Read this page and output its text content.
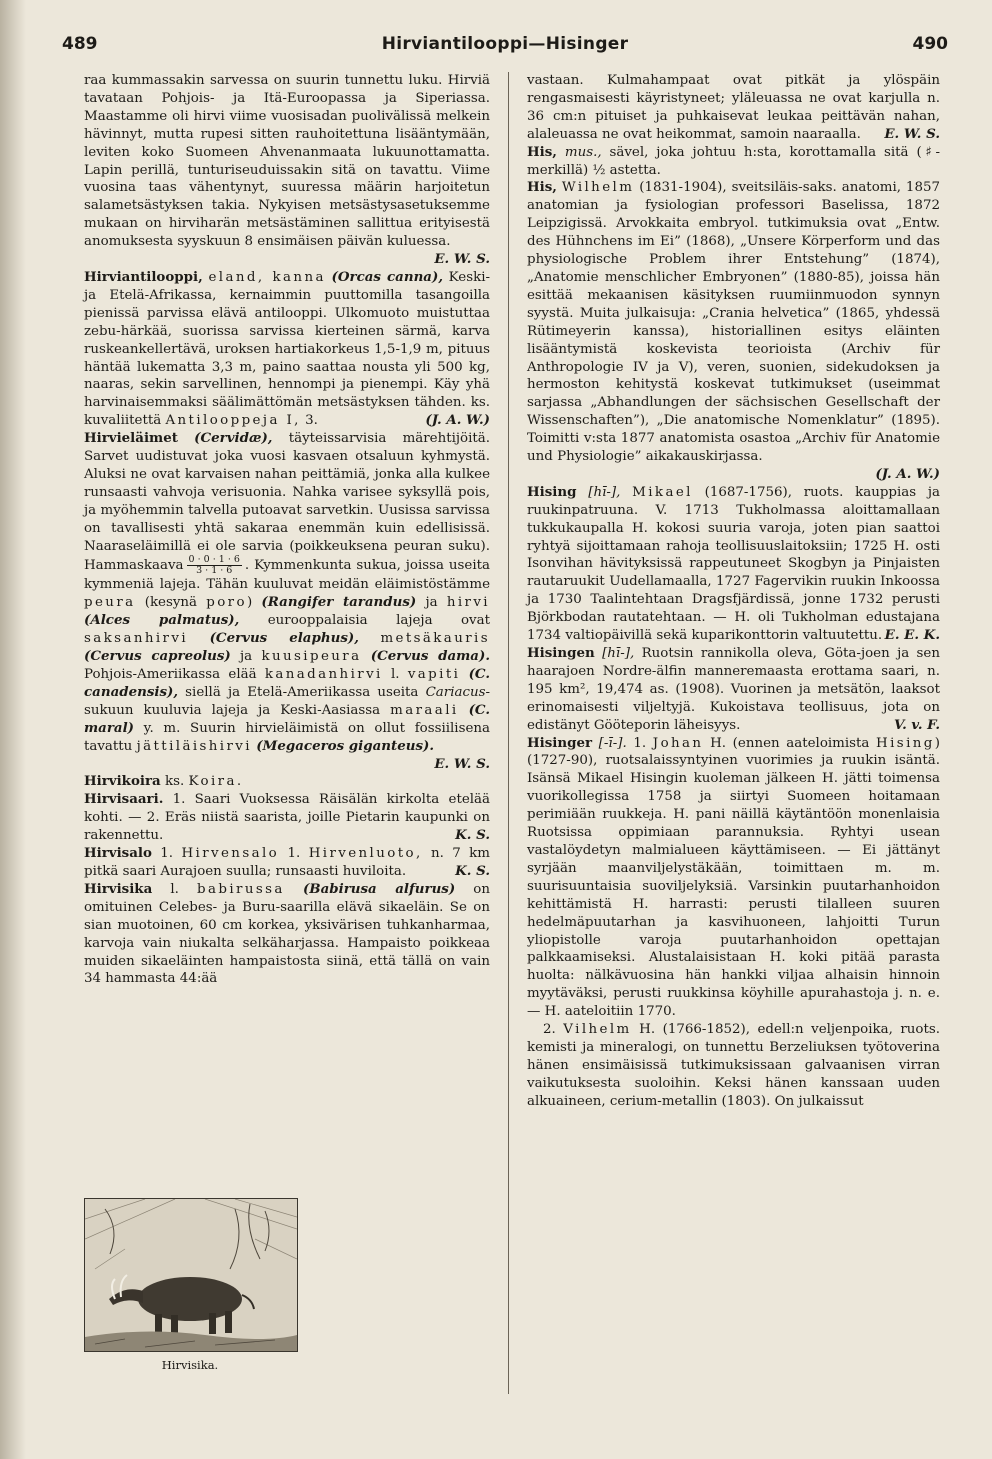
489	Hirviantilooppi—Hisinger	490

raa kummassakin sarvessa on suurin tunnettu luku. Hirviä tavataan Pohjois- ja Itä-Euroopassa ja Siperiassa. Maastamme oli hirvi viime vuosisadan puolivälissä melkein hävinnyt, mutta rupesi sitten rauhoitettuna lisääntymään, leviten koko Suomeen Ahvenanmaata lukuunottamatta. Lapin perillä, tunturiseuduissakin sitä on tavattu. Viime vuosina taas vähentynyt, suuressa määrin harjoitetun salametsästyksen takia. Nykyisen metsästysasetuksemme mukaan on hirviharän metsästäminen sallittua erityisestä anomuksesta syyskuun 8 ensimäisen päivän kuluessa.
E. W. S.

Hirviantilooppi, eland, kanna (Orcas canna), Keski- ja Etelä-Afrikassa, kernaimmin puuttomilla tasangoilla pienissä parvissa elävä antilooppi. Ulkomuoto muistuttaa zebu-härkää, suorissa sarvissa kierteinen särmä, karva ruskeankellertävä, uroksen hartiakorkeus 1,5-1,9 m, pituus häntää lukematta 3,3 m, paino saattaa nousta yli 500 kg, naaras, sekin sarvellinen, hennompi ja pienempi. Käy yhä harvinaisemmaksi säälimättömän metsästyksen tähden. ks. kuvaliitettä Antilooppeja I, 3.	(J. A. W.)

Hirvieläimet (Cervidæ), täyteissarvisia märehtijöitä. Sarvet uudistuvat joka vuosi kasvaen otsaluun kyhmystä. Aluksi ne ovat karvaisen nahan peittämiä, jonka alla kulkee runsaasti vahvoja verisuonia. Nahka varisee syksyllä pois, ja myöhemmin talvella putoavat sarvetkin. Uusissa sarvissa on tavallisesti yhtä sakaraa enemmän kuin edellisissä. Naaraseläimillä ei ole sarvia (poikkeuksena peuran suku). Hammaskaava $\frac{0 \cdot 0 \cdot 1 \cdot 6}{3 \cdot 1 \cdot 6}$ . Kymmenkunta sukua, joissa useita kymmeniä lajeja. Tähän kuuluvat meidän eläimistöstämme peura (kesynä poro) (Rangifer tarandus) ja hirvi (Alces palmatus), eurooppalaisia lajeja ovat saksanhirvi (Cervus elaphus), metsäkauris (Cervus capreolus) ja kuusipeura (Cervus dama). Pohjois-Ameriikassa elää kanadanhirvi l. vapiti (C. canadensis), siellä ja Etelä-Ameriikassa useita Cariacus-sukuun kuuluvia lajeja ja Keski-Aasiassa maraali (C. maral) y. m. Suurin hirvieläimistä on ollut fossiilisena tavattu jättiläishirvi (Megaceros giganteus).
E. W. S.

Hirvikoira ks. Koira.

Hirvisaari. 1. Saari Vuoksessa Räisälän kirkolta etelää kohti. — 2. Eräs niistä saarista, joille Pietarin kaupunki on rakennettu.	K. S.

Hirvisalo 1. Hirvensalo 1. Hirvenluoto, n. 7 km pitkä saari Aurajoen suulla; runsaasti huviloita.	K. S.

Hirvisika l. babirussa (Babirusa alfurus) on omituinen Celebes- ja Buru-saarilla elävä sikaeläin. Se on sian muotoinen, 60 cm korkea, yksivärisen tuhkanharmaa, karvoja vain niukalta selkäharjassa. Hampaisto poikkeaa muiden sikaeläinten hampaistosta siinä, että tällä on vain 34 hammasta 44:ää

Hirvisika.

vastaan. Kulmahampaat ovat pitkät ja ylöspäin rengasmaisesti käyristyneet; yläleuassa ne ovat karjulla n. 36 cm:n pituiset ja puhkaisevat leukaa peittävän nahan, alaleuassa ne ovat heikommat, samoin naaraalla. E. W. S.

His, mus., sävel, joka johtuu h:sta, korottamalla sitä (♯-merkillä) ½ astetta.

His, Wilhelm (1831-1904), sveitsiläis-saks. anatomi, 1857 anatomian ja fysiologian professori Baselissa, 1872 Leipzigissä. Arvokkaita embryol. tutkimuksia ovat „Entw. des Hühnchens im Ei” (1868), „Unsere Körperform und das physiologische Problem ihrer Entstehung” (1874), „Anatomie menschlicher Embryonen” (1880-85), joissa hän esittää mekaanisen käsityksen ruumiinmuodon synnyn syystä. Muita julkaisuja: „Crania helvetica” (1865, yhdessä Rütimeyerin kanssa), historiallinen esitys eläinten lisääntymistä koskevista teorioista (Archiv für Anthropologie IV ja V), veren, suonien, sidekudoksen ja hermoston kehitystä koskevat tutkimukset (useimmat sarjassa „Abhandlungen der sächsischen Gesellschaft der Wissenschaften”), „Die anatomische Nomenklatur” (1895). Toimitti v:sta 1877 anatomista osastoa „Archiv für Anatomie und Physiologie” aikakauskirjassa.
(J. A. W.)

Hising [hī-], Mikael (1687-1756), ruots. kauppias ja ruukinpatruuna. V. 1713 Tukholmassa aloittamallaan tukkukaupalla H. kokosi suuria varoja, joten pian saattoi ryhtyä sijoittamaan rahoja teollisuuslaitoksiin; 1725 H. osti Isonvihan hävityksissä rappeutuneet Skogbyn ja Pinjaisten rautaruukit Uudellamaalla, 1727 Fagervikin ruukin Inkoossa ja 1730 Taalintehtaan Dragsfjärdissä, jonne 1732 perusti Björkbodan rautatehtaan. — H. oli Tukholman edustajana 1734 valtiopäivillä sekä kuparikonttorin valtuutettu. E. E. K.

Hisingen [hī-], Ruotsin rannikolla oleva, Göta-joen ja sen haarajoen Nordre-älfin manneremaasta erottama saari, n. 195 km², 19,474 as. (1908). Vuorinen ja metsätön, laaksot erinomaisesti viljeltyjä. Kukoistava teollisuus, jota on edistänyt Gööteporin läheisyys.	V. v. F.

Hisinger [-ī-]. 1. Johan H. (ennen aateloimista Hising) (1727-90), ruotsalaissyntyinen vuorimies ja ruukin isäntä. Isänsä Mikael Hisingin kuoleman jälkeen H. jätti toimensa vuorikollegissa 1758 ja siirtyi Suomeen hoitamaan perimiään ruukkeja. H. pani näillä käytäntöön monenlaisia Ruotsissa oppimiaan parannuksia. Ryhtyi usean vastalöydetyn malmialueen käyttämiseen. — Ei jättänyt syrjään maanviljelystäkään, toimittaen m. m. suurisuuntaisia suoviljelyksiä. Varsinkin puutarhanhoidon kehittämistä H. harrasti: perusti tilalleen suuren hedelmäpuutarhan ja kasvihuoneen, lahjoitti Turun yliopistolle varoja puutarhanhoidon opettajan palkkaamiseksi. Alustalaisistaan H. koki pitää parasta huolta: nälkävuosina hän hankki viljaa alhaisin hinnoin myytäväksi, perusti ruukkinsa köyhille apurahastoja j. n. e. — H. aateloitiin 1770.

2. Vilhelm H. (1766-1852), edell:n veljenpoika, ruots. kemisti ja mineralogi, on tunnettu Berzeliuksen työtoverina hänen ensimäisissä tutkimuksissaan galvaanisen virran vaikutuksesta suoloihin. Keksi hänen kanssaan uuden alkuaineen, cerium-metallin (1803). On julkaissut
